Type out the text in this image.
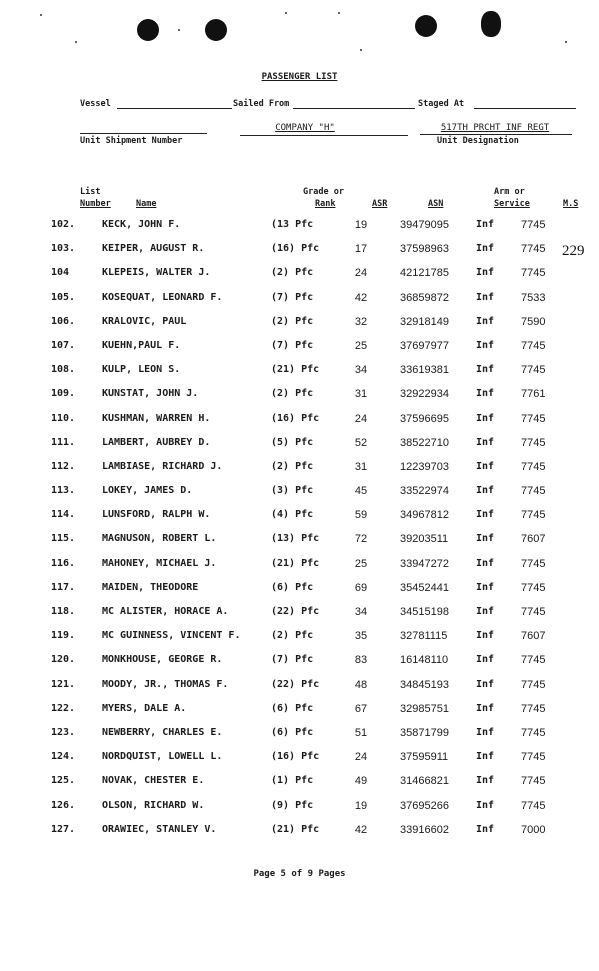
PASSENGER LIST
Vessel	Sailed From	Staged At
Unit Shipment Number
COMPANY "H"	517TH PRCHT INF REGT
Unit Designation
List
Number	Name
Grade or
Rank	ASR	ASN
Arm or
Service	M.S
102.	KECK, JOHN F.	(13 Pfc	19	39479095	Inf 7745
103.	KEIPER, AUGUST R.	(16) Pfc	17	37598963	Inf 7745
104	KLEPEIS, WALTER J.	(2) Pfc	24	42121785	Inf 7745
105.	KOSEQUAT, LEONARD F.	(7) Pfc	42	36859872	Inf 7533
106.	KRALOVIC, PAUL	(2) Pfc	32	32918149	Inf 7590
107.	KUEHN,PAUL F.	(7) Pfc	25	37697977	Inf 7745
108.	KULP, LEON S.	(21) Pfc	34	33619381	Inf 7745
109.	KUNSTAT, JOHN J.	(2) Pfc	31	32922934	Inf 7761
110.	KUSHMAN, WARREN H.	(16) Pfc	24	37596695	Inf 7745
111.	LAMBERT, AUBREY D.	(5) Pfc	52	38522710	Inf 7745
112.	LAMBIASE, RICHARD J.	(2) Pfc	31	12239703	Inf 7745
113.	LOKEY, JAMES D.	(3) Pfc	45	33522974	Inf 7745
114.	LUNSFORD, RALPH W.	(4) Pfc	59	34967812	Inf 7745
115.	MAGNUSON, ROBERT L.	(13) Pfc	72	39203511	Inf 7607
116.	MAHONEY, MICHAEL J.	(21) Pfc	25	33947272	Inf 7745
117.	MAIDEN, THEODORE	(6) Pfc	69	35452441	Inf 7745
118.	MC ALISTER, HORACE A.	(22) Pfc	34	34515198	Inf 7745
119.	MC GUINNESS, VINCENT F.	(2) Pfc	35	32781115	Inf 7607
120.	MONKHOUSE, GEORGE R.	(7) Pfc	83	16148110	Inf 7745
121.	MOODY, JR., THOMAS F.	(22) Pfc	48	34845193	Inf 7745
122.	MYERS, DALE A.	(6) Pfc	67	32985751	Inf 7745
123.	NEWBERRY, CHARLES E.	(6) Pfc	51	35871799	Inf 7745
124.	NORDQUIST, LOWELL L.	(16) Pfc	24	37595911	Inf 7745
125.	NOVAK, CHESTER E.	(1) Pfc	49	31466821	Inf 7745
126.	OLSON, RICHARD W.	(9) Pfc	19	37695266	Inf 7745
127.	ORAWIEC, STANLEY V.	(21) Pfc	42	33916602	Inf 7000
229
Page 5 of 9 Pages
